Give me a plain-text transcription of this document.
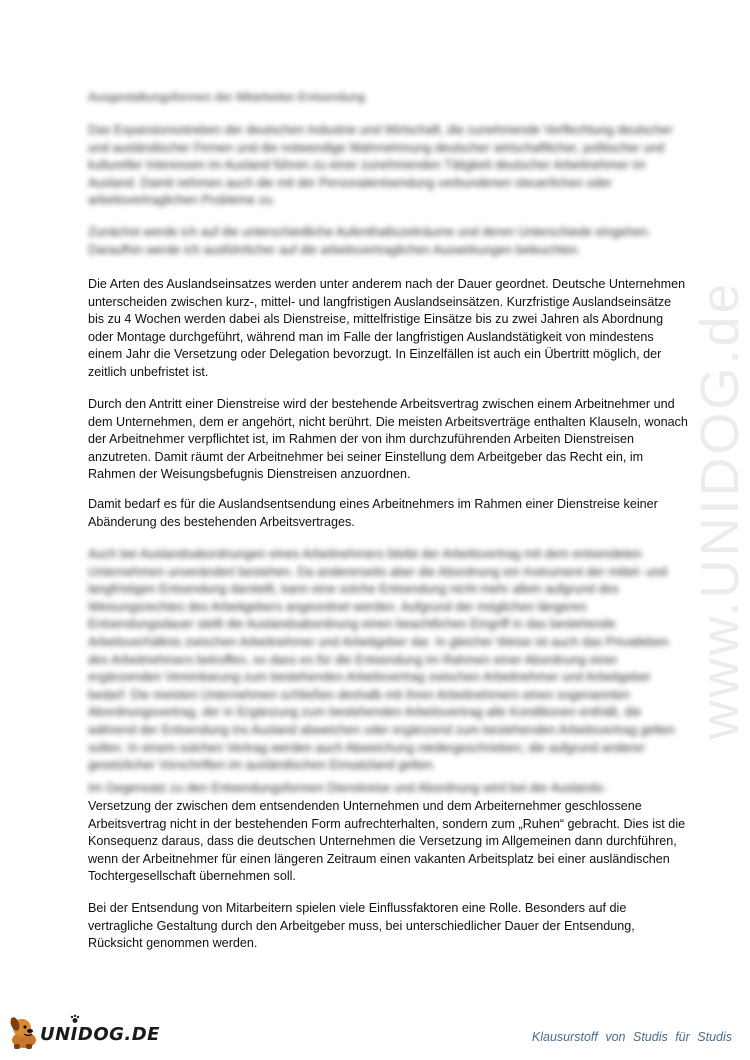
www.UNIDOG.de

Ausgestaltungsformen der Mitarbeiter-Entsendung

Das Expansionsstreben der deutschen Industrie und Wirtschaft, die zunehmende Verflechtung deutscher und ausländischer Firmen und die notwendige Wahrnehmung deutscher wirtschaftlicher, politischer und kultureller Interessen im Ausland führen zu einer zunehmenden Tätigkeit deutscher Arbeitnehmer im Ausland. Damit nehmen auch die mit der Personalentsendung verbundenen steuerlichen oder arbeitsvertraglichen Probleme zu.

Zunächst werde ich auf die unterschiedliche Aufenthaltszeiträume und deren Unterschiede eingehen. Daraufhin werde ich ausführlicher auf die arbeitsvertraglichen Auswirkungen beleuchten.

Die Arten des Auslandseinsatzes werden unter anderem nach der Dauer geordnet. Deutsche Unternehmen unterscheiden zwischen kurz-, mittel- und langfristigen Auslandseinsätzen. Kurzfristige Auslandseinsätze bis zu 4 Wochen werden dabei als Dienstreise, mittelfristige Einsätze bis zu zwei Jahren als Abordnung oder Montage durchgeführt, während man im Falle der langfristigen Auslandstätigkeit von mindestens einem Jahr die Versetzung oder Delegation bevorzugt. In Einzelfällen ist auch ein Übertritt möglich, der zeitlich unbefristet ist.

Durch den Antritt einer Dienstreise wird der bestehende Arbeitsvertrag zwischen einem Arbeitnehmer und dem Unternehmen, dem er angehört, nicht berührt. Die meisten Arbeitsverträge enthalten Klauseln, wonach der Arbeitnehmer verpflichtet ist, im Rahmen der von ihm durchzuführenden Arbeiten Dienstreisen anzutreten. Damit räumt der Arbeitnehmer bei seiner Einstellung dem Arbeitgeber das Recht ein, im Rahmen der Weisungsbefugnis Dienstreisen anzuordnen.

Damit bedarf es für die Auslandsentsendung eines Arbeitnehmers im Rahmen einer Dienstreise keiner Abänderung des bestehenden Arbeitsvertrages.

Auch bei Auslandsabordnungen eines Arbeitnehmers bleibt der Arbeitsvertrag mit dem entsendeten Unternehmen unverändert bestehen. Da andererseits aber die Abordnung ein Instrument der mittel- und langfristigen Entsendung darstellt, kann eine solche Entsendung nicht mehr allein aufgrund des Weisungsrechtes des Arbeitgebers angeordnet werden. Aufgrund der möglichen längeren Entsendungsdauer stellt die Auslandsabordnung einen beachtlichen Eingriff in das bestehende Arbeitsverhältnis zwischen Arbeitnehmer und Arbeitgeber dar. In gleicher Weise ist auch das Privatleben des Arbeitnehmers betroffen, so dass es für die Entsendung im Rahmen einer Abordnung einer ergänzenden Vereinbarung zum bestehenden Arbeitsvertrag zwischen Arbeitnehmer und Arbeitgeber bedarf. Die meisten Unternehmen schließen deshalb mit ihren Arbeitnehmern einen sogenannten Abordnungsvertrag, der in Ergänzung zum bestehenden Arbeitsvertrag alle Konditionen enthält, die während der Entsendung ins Ausland abweichen oder ergänzend zum bestehenden Arbeitsvertrag gelten sollen. In einem solchen Vertrag werden auch Abweichung niedergeschrieben, die aufgrund anderer gesetzlicher Vorschriften im ausländischen Einsatzland gelten.

Im Gegensatz zu den Entsendungsformen Dienstreise und Abordnung wird bei der Auslands-

Versetzung der zwischen dem entsendenden Unternehmen und dem Arbeiternehmer geschlossene Arbeitsvertrag nicht in der bestehenden Form aufrechterhalten, sondern zum „Ruhen“ gebracht. Dies ist die Konsequenz daraus, dass die deutschen Unternehmen die Versetzung im Allgemeinen dann durchführen, wenn der Arbeitnehmer für einen längeren Zeitraum einen vakanten Arbeitsplatz bei einer ausländischen Tochtergesellschaft übernehmen soll.

Bei der Entsendung von Mitarbeitern spielen viele Einflussfaktoren eine Rolle. Besonders auf die vertragliche Gestaltung durch den Arbeitgeber muss, bei unterschiedlicher Dauer der Entsendung, Rücksicht genommen werden.

UNIDOG.DE	Klausurstoff von Studis für Studis
